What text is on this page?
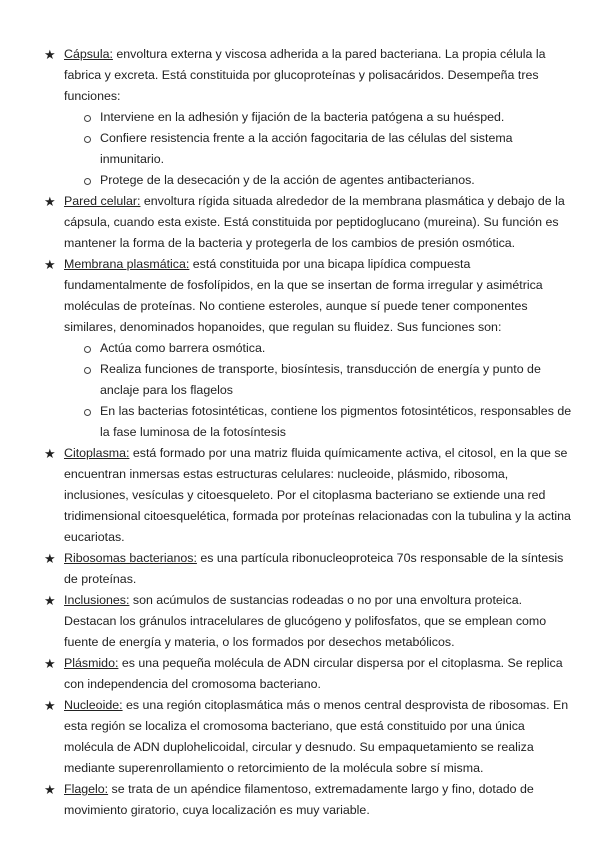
★ Cápsula: envoltura externa y viscosa adherida a la pared bacteriana. La propia célula la fabrica y excreta. Está constituida por glucoproteínas y polisacáridos. Desempeña tres funciones:
Interviene en la adhesión y fijación de la bacteria patógena a su huésped.
Confiere resistencia frente a la acción fagocitaria de las células del sistema inmunitario.
Protege de la desecación y de la acción de agentes antibacterianos.
★ Pared celular: envoltura rígida situada alrededor de la membrana plasmática y debajo de la cápsula, cuando esta existe. Está constituida por peptidoglucano (mureina). Su función es mantener la forma de la bacteria y protegerla de los cambios de presión osmótica.
★ Membrana plasmática: está constituida por una bicapa lipídica compuesta fundamentalmente de fosfolípidos, en la que se insertan de forma irregular y asimétrica moléculas de proteínas. No contiene esteroles, aunque sí puede tener componentes similares, denominados hopanoides, que regulan su fluidez. Sus funciones son:
Actúa como barrera osmótica.
Realiza funciones de transporte, biosíntesis, transducción de energía y punto de anclaje para los flagelos
En las bacterias fotosintéticas, contiene los pigmentos fotosintéticos, responsables de la fase luminosa de la fotosíntesis
★ Citoplasma: está formado por una matriz fluida químicamente activa, el citosol, en la que se encuentran inmersas estas estructuras celulares: nucleoide, plásmido, ribosoma, inclusiones, vesículas y citoesqueleto. Por el citoplasma bacteriano se extiende una red tridimensional citoesquelética, formada por proteínas relacionadas con la tubulina y la actina eucariotas.
★ Ribosomas bacterianos: es una partícula ribonucleoproteica 70s responsable de la síntesis de proteínas.
★ Inclusiones: son acúmulos de sustancias rodeadas o no por una envoltura proteica. Destacan los gránulos intracelulares de glucógeno y polifosfatos, que se emplean como fuente de energía y materia, o los formados por desechos metabólicos.
★ Plásmido: es una pequeña molécula de ADN circular dispersa por el citoplasma. Se replica con independencia del cromosoma bacteriano.
★ Nucleoide: es una región citoplasmática más o menos central desprovista de ribosomas. En esta región se localiza el cromosoma bacteriano, que está constituido por una única molécula de ADN duplohelicoidal, circular y desnudo. Su empaquetamiento se realiza mediante superenrollamiento o retorcimiento de la molécula sobre sí misma.
★ Flagelo: se trata de un apéndice filamentoso, extremadamente largo y fino, dotado de movimiento giratorio, cuya localización es muy variable.
